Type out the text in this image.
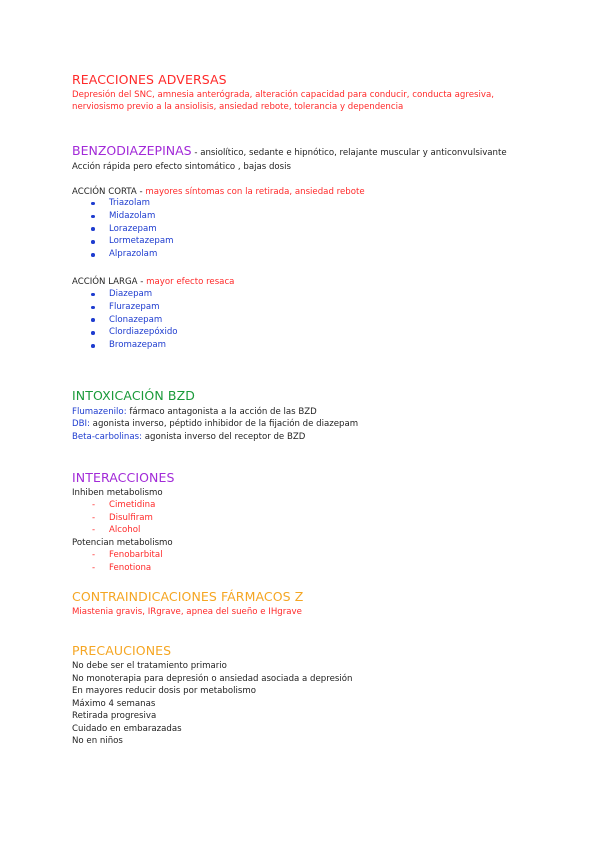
REACCIONES ADVERSAS
Depresión del SNC, amnesia anterógrada, alteración capacidad para conducir, conducta agresiva,
nerviosismo previo a la ansiolisis, ansiedad rebote, tolerancia y dependencia
BENZODIAZEPINAS - ansiolítico, sedante e hipnótico, relajante muscular y anticonvulsivante
Acción rápida pero efecto sintomático , bajas dosis
ACCIÓN CORTA - mayores síntomas con la retirada, ansiedad rebote
Triazolam
Midazolam
Lorazepam
Lormetazepam
Alprazolam
ACCIÓN LARGA - mayor efecto resaca
Diazepam
Flurazepam
Clonazepam
Clordiazepóxido
Bromazepam
INTOXICACIÓN BZD
Flumazenilo: fármaco antagonista a la acción de las BZD
DBI: agonista inverso, péptido inhibidor de la fijación de diazepam
Beta-carbolinas: agonista inverso del receptor de BZD
INTERACCIONES
Inhiben metabolismo
- Cimetidina
- Disulfiram
- Alcohol
Potencian metabolismo
- Fenobarbital
- Fenotiona
CONTRAINDICACIONES FÁRMACOS Z
Miastenia gravis, IRgrave, apnea del sueño e IHgrave
PRECAUCIONES
No debe ser el tratamiento primario
No monoterapia para depresión o ansiedad asociada a depresión
En mayores reducir dosis por metabolismo
Máximo 4 semanas
Retirada progresiva
Cuidado en embarazadas
No en niños
